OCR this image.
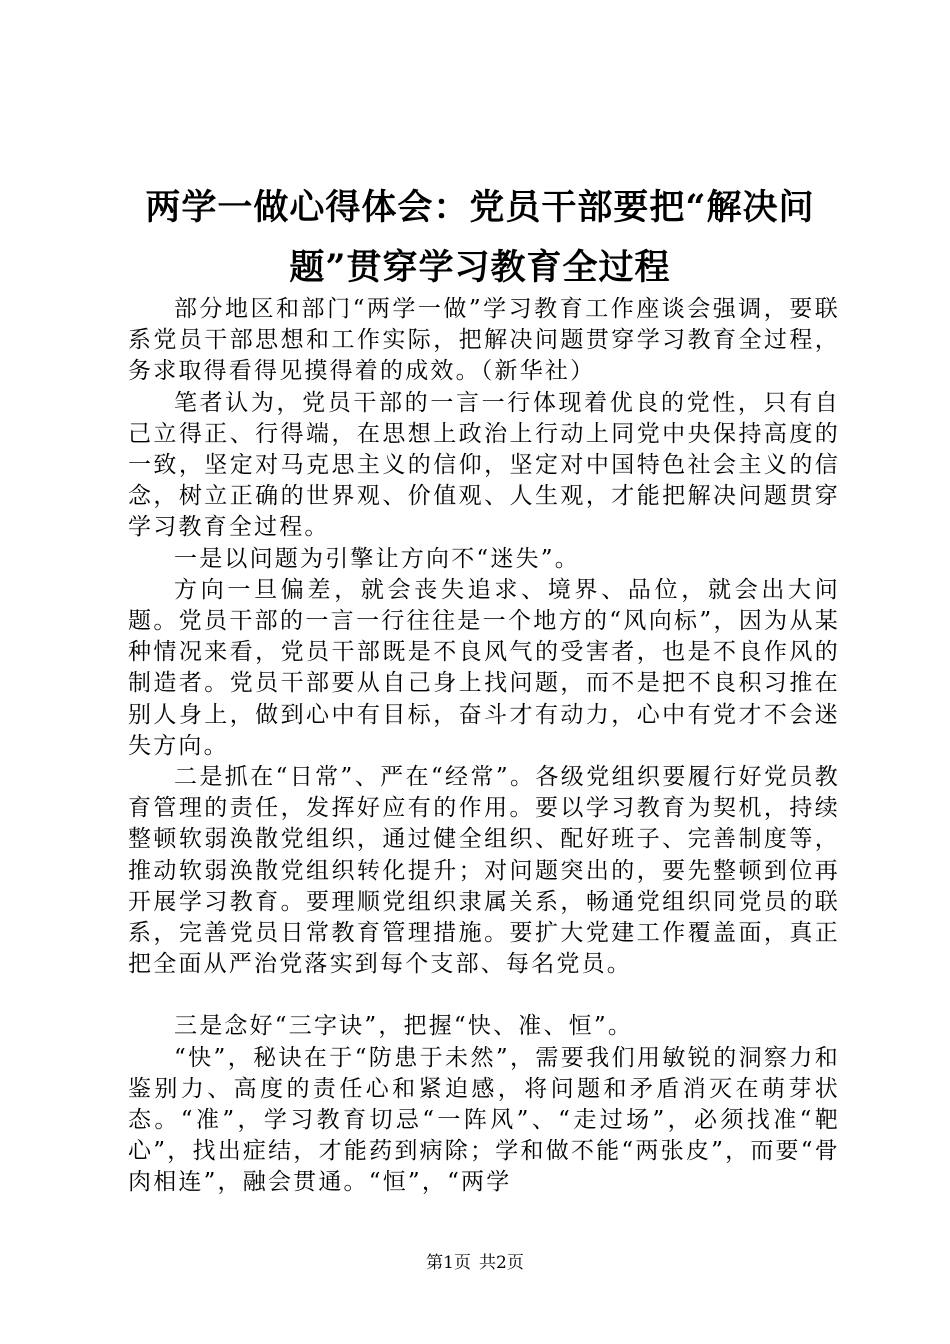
两学一做心得体会：党员干部要把“解决问
题”贯穿学习教育全过程

部分地区和部门“两学一做”学习教育工作座谈会强调，要联系党员干部思想和工作实际，把解决问题贯穿学习教育全过程，务求取得看得见摸得着的成效。（新华社）

笔者认为，党员干部的一言一行体现着优良的党性，只有自己立得正、行得端，在思想上政治上行动上同党中央保持高度的一致，坚定对马克思主义的信仰，坚定对中国特色社会主义的信念，树立正确的世界观、价值观、人生观，才能把解决问题贯穿学习教育全过程。

一是以问题为引擎让方向不“迷失”。

方向一旦偏差，就会丧失追求、境界、品位，就会出大问题。党员干部的一言一行往往是一个地方的“风向标”，因为从某种情况来看，党员干部既是不良风气的受害者，也是不良作风的制造者。党员干部要从自己身上找问题，而不是把不良积习推在别人身上，做到心中有目标，奋斗才有动力，心中有党才不会迷失方向。

二是抓在“日常”、严在“经常”。各级党组织要履行好党员教育管理的责任，发挥好应有的作用。要以学习教育为契机，持续整顿软弱涣散党组织，通过健全组织、配好班子、完善制度等，推动软弱涣散党组织转化提升；对问题突出的，要先整顿到位再开展学习教育。要理顺党组织隶属关系，畅通党组织同党员的联系，完善党员日常教育管理措施。要扩大党建工作覆盖面，真正把全面从严治党落实到每个支部、每名党员。

三是念好“三字诀”，把握“快、准、恒”。

“快”，秘诀在于“防患于未然”，需要我们用敏锐的洞察力和鉴别力、高度的责任心和紧迫感，将问题和矛盾消灭在萌芽状态。“准”，学习教育切忌“一阵风”、“走过场”，必须找准“靶心”，找出症结，才能药到病除；学和做不能“两张皮”，而要“骨肉相连”，融会贯通。“恒”，“两学

第1页 共2页
